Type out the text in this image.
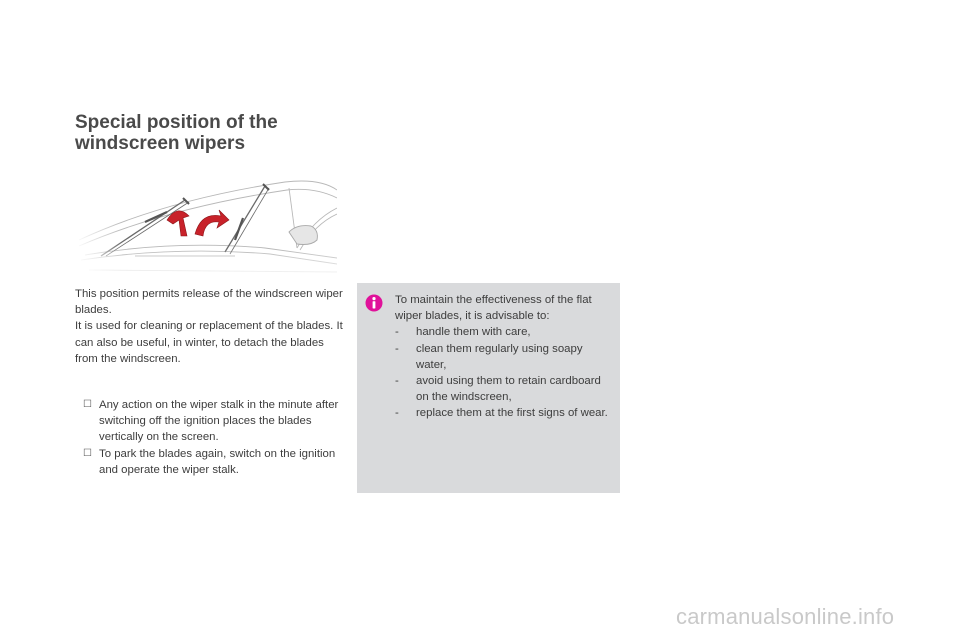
Special position of the windscreen wipers

This position permits release of the windscreen wiper blades.

It is used for cleaning or replacement of the blades. It can also be useful, in winter, to detach the blades from the windscreen.

☐ Any action on the wiper stalk in the minute after switching off the ignition places the blades vertically on the screen.
☐ To park the blades again, switch on the ignition and operate the wiper stalk.

To maintain the effectiveness of the flat wiper blades, it is advisable to:

- handle them with care,
- clean them regularly using soapy water,
- avoid using them to retain cardboard on the windscreen,
- replace them at the first signs of wear.
carmanualsonline.info
